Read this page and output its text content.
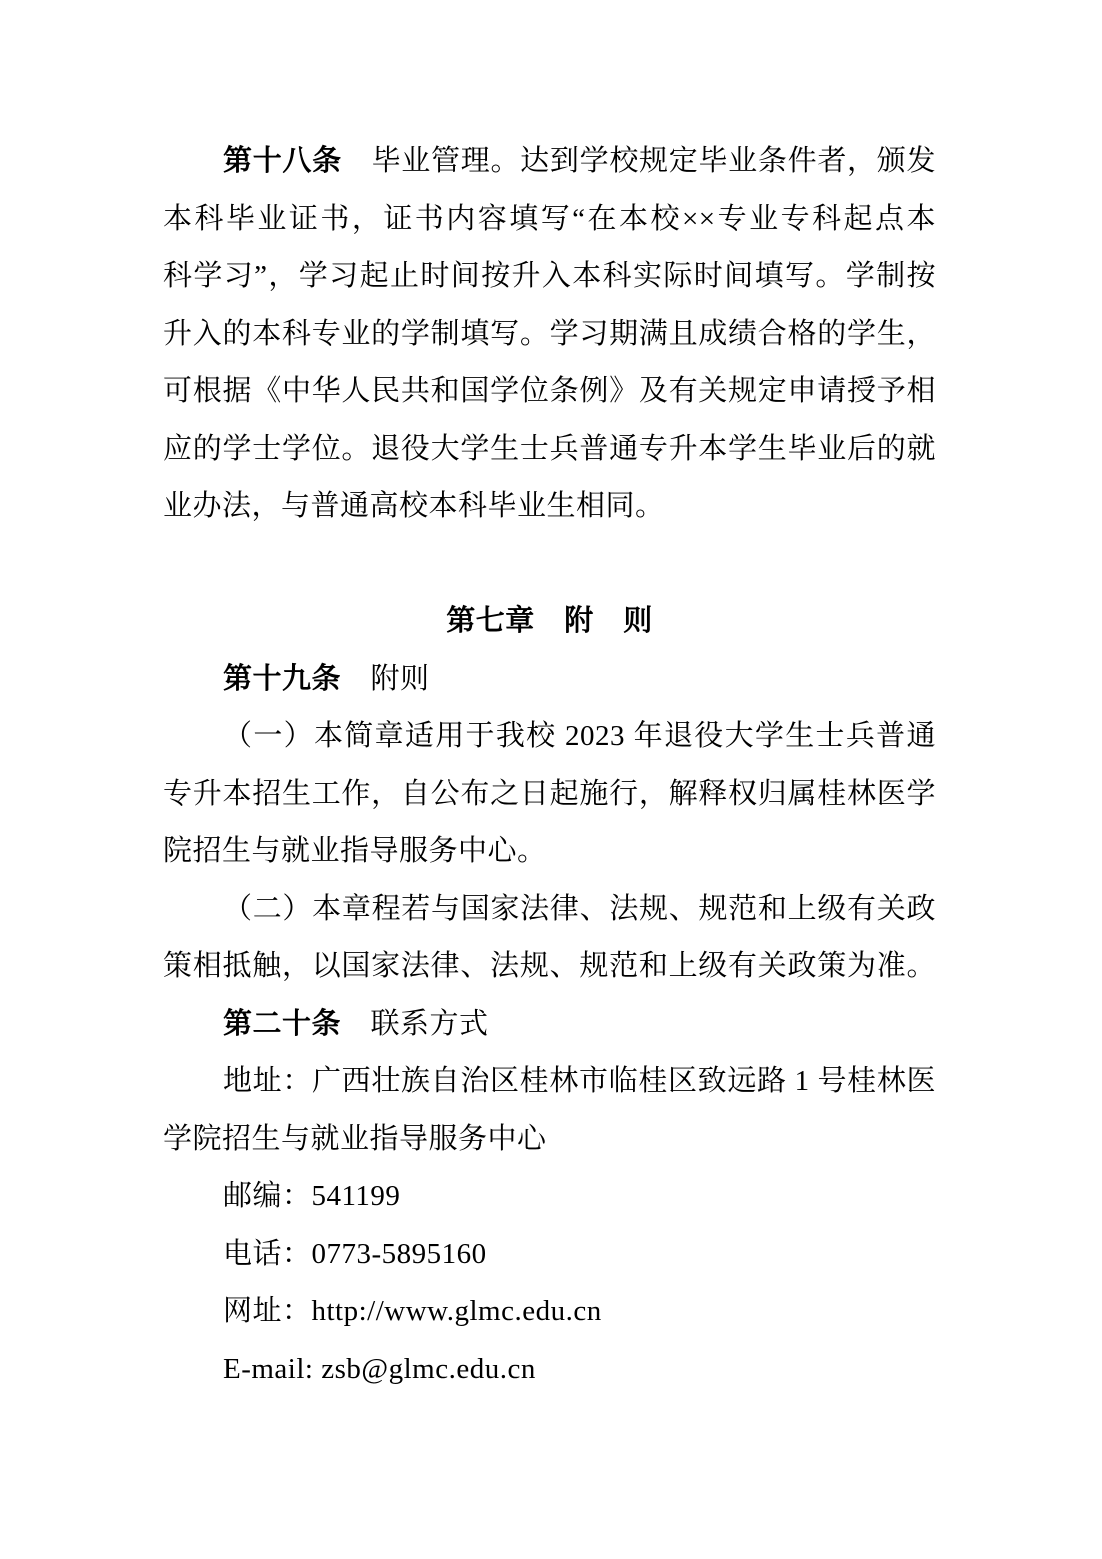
第十八条　毕业管理。达到学校规定毕业条件者，颁发
本科毕业证书，证书内容填写“在本校××专业专科起点本
科学习”，学习起止时间按升入本科实际时间填写。学制按
升入的本科专业的学制填写。学习期满且成绩合格的学生，
可根据《中华人民共和国学位条例》及有关规定申请授予相
应的学士学位。退役大学生士兵普通专升本学生毕业后的就
业办法，与普通高校本科毕业生相同。

第七章　附　则
第十九条　附则
（一）本简章适用于我校 2023 年退役大学生士兵普通
专升本招生工作，自公布之日起施行，解释权归属桂林医学
院招生与就业指导服务中心。
（二）本章程若与国家法律、法规、规范和上级有关政
策相抵触，以国家法律、法规、规范和上级有关政策为准。
第二十条　联系方式
地址：广西壮族自治区桂林市临桂区致远路 1 号桂林医
学院招生与就业指导服务中心
邮编：541199
电话：0773-5895160
网址：http://www.glmc.edu.cn
E-mail: zsb@glmc.edu.cn
